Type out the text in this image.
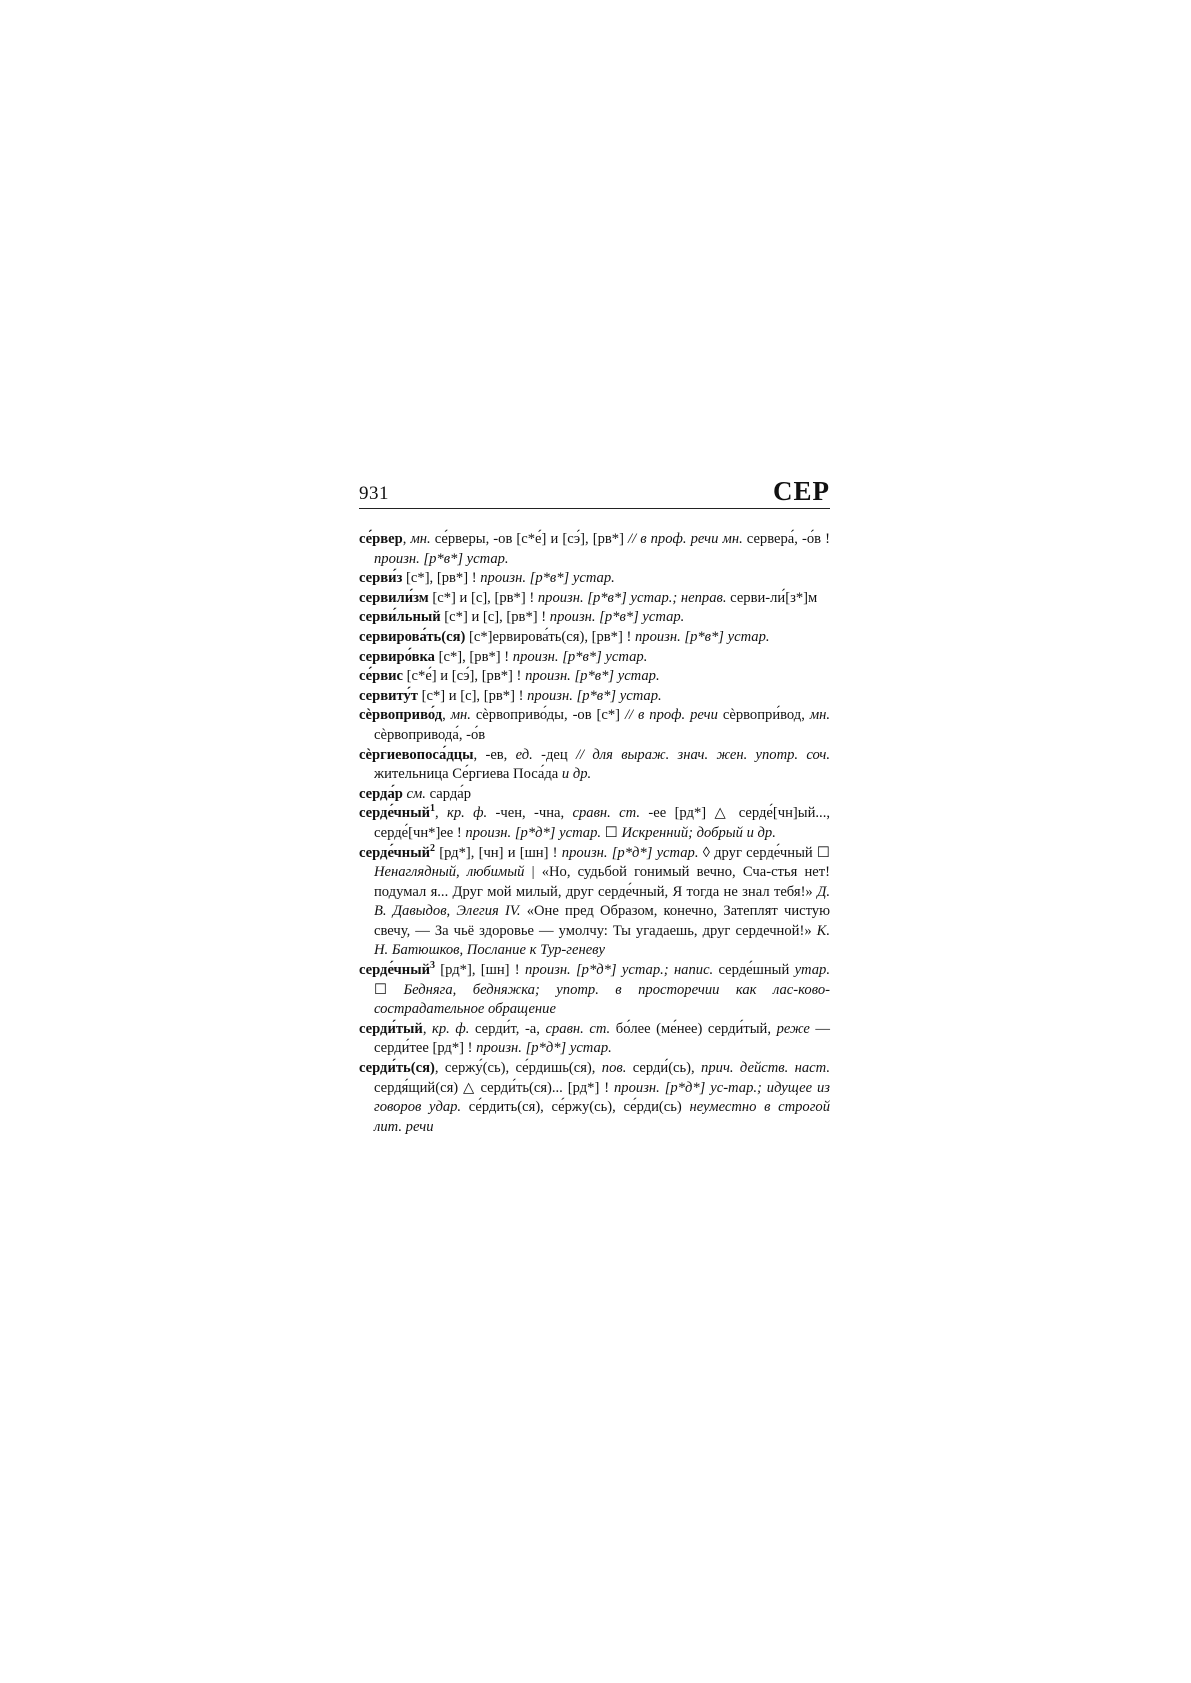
931	СЕР

се́рвер, мн. се́рверы, -ов [с*е́] и [сэ́], [рв*] // в проф. речи мн. сервера́, -о́в ! произн. [р*в*] устар.

серви́з [с*], [рв*] ! произн. [р*в*] устар.

сервили́зм [с*] и [с], [рв*] ! произн. [р*в*] устар.; неправ. серви-ли́[з*]м

серви́льный [с*] и [с], [рв*] ! произн. [р*в*] устар.

сервирова́ть(ся) [с*]ервирова́ть(ся), [рв*] ! произн. [р*в*] устар.

сервиро́вка [с*], [рв*] ! произн. [р*в*] устар.

се́рвис [с*е́] и [сэ́], [рв*] ! произн. [р*в*] устар.

сервиту́т [с*] и [с], [рв*] ! произн. [р*в*] устар.

сѐрвоприво́д, мн. сѐрвоприво́ды, -ов [с*] // в проф. речи сѐрвопри́вод, мн. сѐрвопривода́, -о́в

сѐргиевопоса́дцы, -ев, ед. -дец // для выраж. знач. жен. употр. соч. жительница Се́ргиева Поса́да и др.

серда́р см. сарда́р

серде́чный$^1$, кр. ф. -чен, -чна, сравн. ст. -ее [рд*] △ серде́[чн]ый..., серде́[чн*]ее ! произн. [р*д*] устар. ☐ Искренний; добрый и др.

серде́чный$^2$ [рд*], [чн] и [шн] ! произн. [р*д*] устар. ◊ друг серде́чный ☐ Ненаглядный, любимый | «Но, судьбой гонимый вечно, Сча-стья нет! подумал я... Друг мой милый, друг серде́чный, Я тогда не знал тебя!» Д. В. Давыдов, Элегия IV. «Оне пред Образом, конечно, Затеплят чистую свечу, — За чьё здоровье — умолчу: Ты угадаешь, друг сердечной!» К. Н. Батюшков, Послание к Тур-геневу

серде́чный$^3$ [рд*], [шн] ! произн. [р*д*] устар.; напис. серде́шный утар. ☐ Бедняга, бедняжка; употр. в просторечии как лас-ково-сострадательное обращение

серди́тый, кр. ф. серди́т, -а, сравн. ст. бо́лее (ме́нее) серди́тый, реже — серди́тее [рд*] ! произн. [р*д*] устар.

серди́ть(ся), сержу́(сь), се́рдишь(ся), пов. серди́(сь), прич. действ. наст. сердя́щий(ся) △ серди́ть(ся)... [рд*] ! произн. [р*д*] ус-тар.; идущее из говоров удар. се́рдить(ся), се́ржу(сь), се́рди(сь) неуместно в строгой лит. речи
